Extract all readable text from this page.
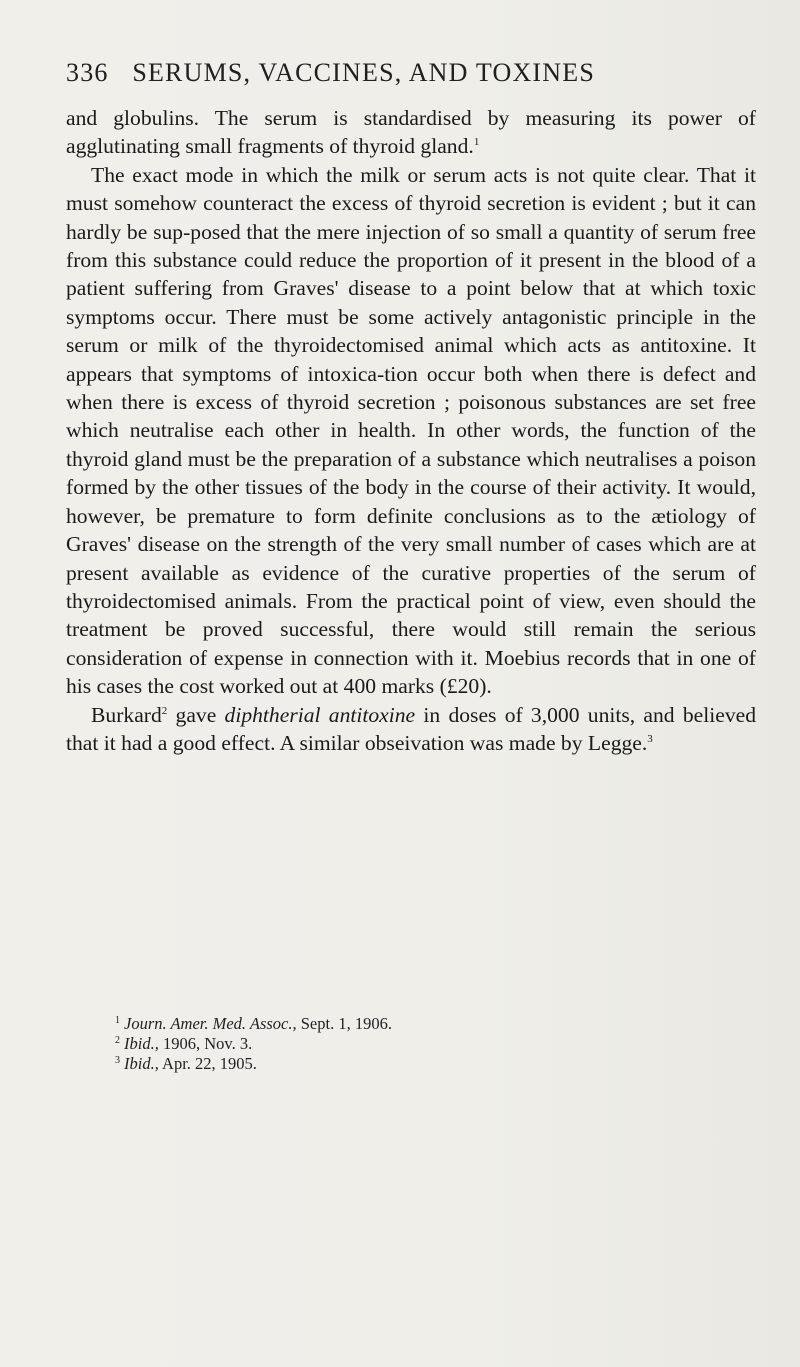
336 SERUMS, VACCINES, AND TOXINES

and globulins. The serum is standardised by measuring its power of agglutinating small fragments of thyroid gland.$^1$

The exact mode in which the milk or serum acts is not quite clear. That it must somehow counteract the excess of thyroid secretion is evident ; but it can hardly be sup-posed that the mere injection of so small a quantity of serum free from this substance could reduce the proportion of it present in the blood of a patient suffering from Graves' disease to a point below that at which toxic symptoms occur. There must be some actively antagonistic principle in the serum or milk of the thyroidectomised animal which acts as antitoxine. It appears that symptoms of intoxica-tion occur both when there is defect and when there is excess of thyroid secretion ; poisonous substances are set free which neutralise each other in health. In other words, the function of the thyroid gland must be the preparation of a substance which neutralises a poison formed by the other tissues of the body in the course of their activity. It would, however, be premature to form definite conclusions as to the ætiology of Graves' disease on the strength of the very small number of cases which are at present available as evidence of the curative properties of the serum of thyroidectomised animals. From the practical point of view, even should the treatment be proved successful, there would still remain the serious consideration of expense in connection with it. Moebius records that in one of his cases the cost worked out at 400 marks (£20).

Burkard$^2$ gave diphtherial antitoxine in doses of 3,000 units, and believed that it had a good effect. A similar obseivation was made by Legge.$^3$

$^1$ Journ. Amer. Med. Assoc., Sept. 1, 1906.
$^2$ Ibid., 1906, Nov. 3.
$^3$ Ibid., Apr. 22, 1905.
